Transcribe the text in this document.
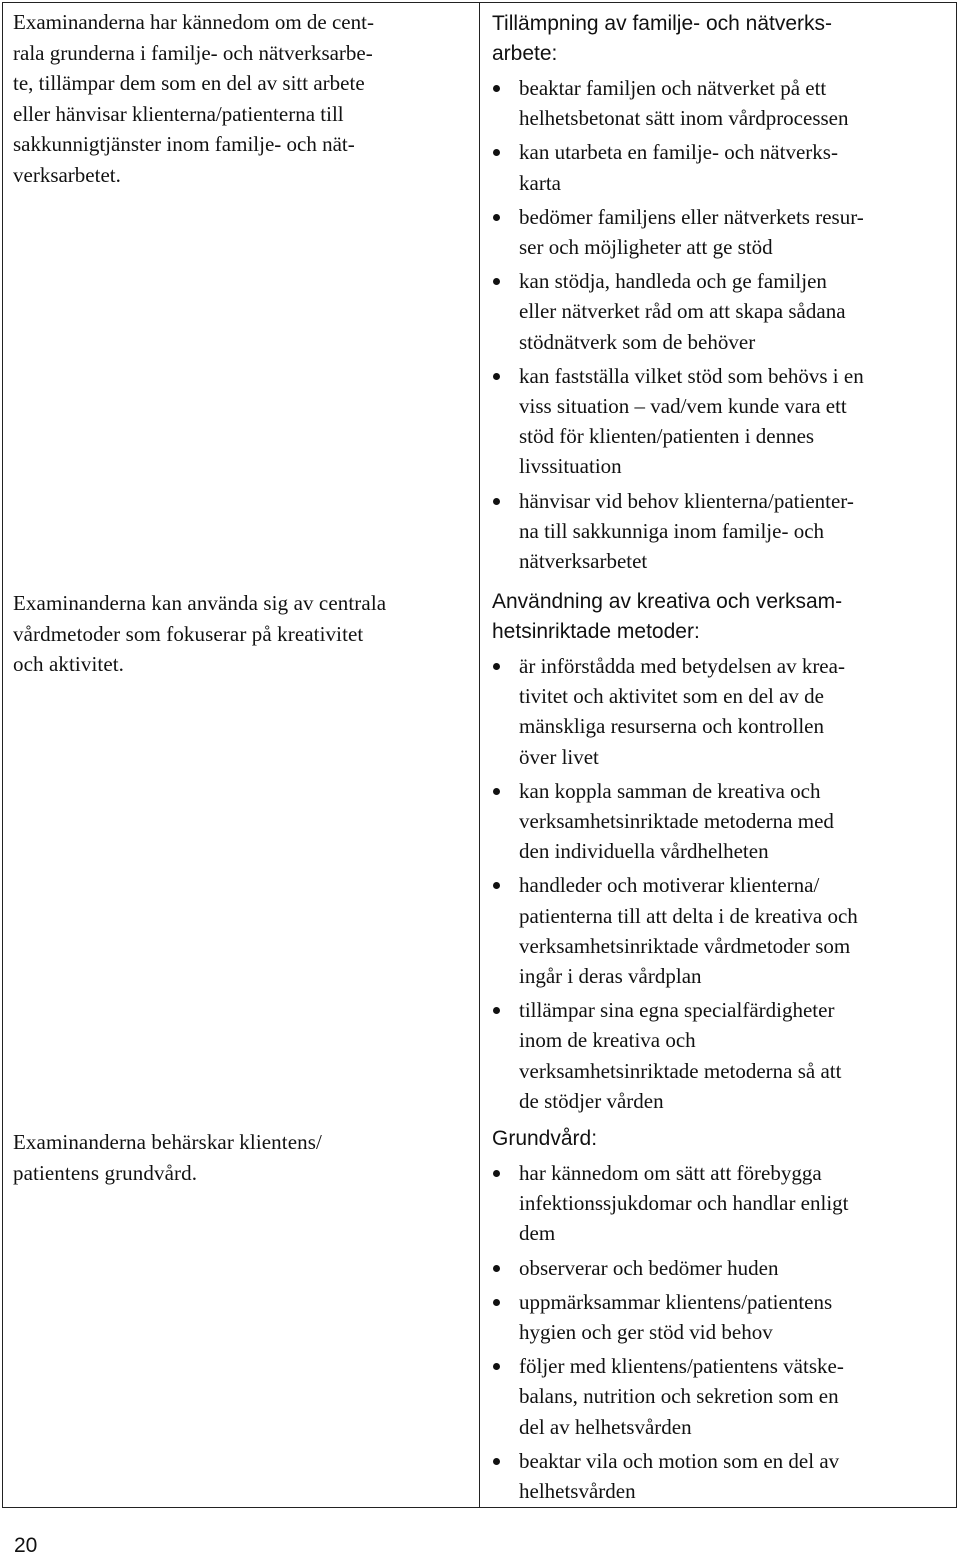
Examinanderna har kännedom om de cent-
rala grunderna i familje- och nätverksarbe-
te, tillämpar dem som en del av sitt arbete
eller hänvisar klienterna/patienterna till
sakkunnigtjänster inom familje- och nät-
verksarbetet.
Examinanderna kan använda sig av centrala
vårdmetoder som fokuserar på kreativitet
och aktivitet.
Examinanderna behärskar klientens/
patientens grundvård.
Tillämpning av familje- och nätverks-
arbete:
beaktar familjen och nätverket på ett
helhetsbetonat sätt inom vårdprocessen
kan utarbeta en familje- och nätverks-
karta
bedömer familjens eller nätverkets resur-
ser och möjligheter att ge stöd
kan stödja, handleda och ge familjen
eller nätverket råd om att skapa sådana
stödnätverk som de behöver
kan fastställa vilket stöd som behövs i en
viss situation – vad/vem kunde vara ett
stöd för klienten/patienten i dennes
livssituation
hänvisar vid behov klienterna/patienter-
na till sakkunniga inom familje- och
nätverksarbetet
Användning av kreativa och verksam-
hetsinriktade metoder:
är införstådda med betydelsen av krea-
tivitet och aktivitet som en del av de
mänskliga resurserna och kontrollen
över livet
kan koppla samman de kreativa och
verksamhetsinriktade metoderna med
den individuella vårdhelheten
handleder och motiverar klienterna/
patienterna till att delta i de kreativa och
verksamhetsinriktade vårdmetoder som
ingår i deras vårdplan
tillämpar sina egna specialfärdigheter
inom de kreativa och
verksamhetsinriktade metoderna så att
de stödjer vården
Grundvård:
har kännedom om sätt att förebygga
infektionssjukdomar och handlar enligt
dem
observerar och bedömer huden
uppmärksammar klientens/patientens
hygien och ger stöd vid behov
följer med klientens/patientens vätske-
balans, nutrition och sekretion som en
del av helhetsvården
beaktar vila och motion som en del av
helhetsvården
20
